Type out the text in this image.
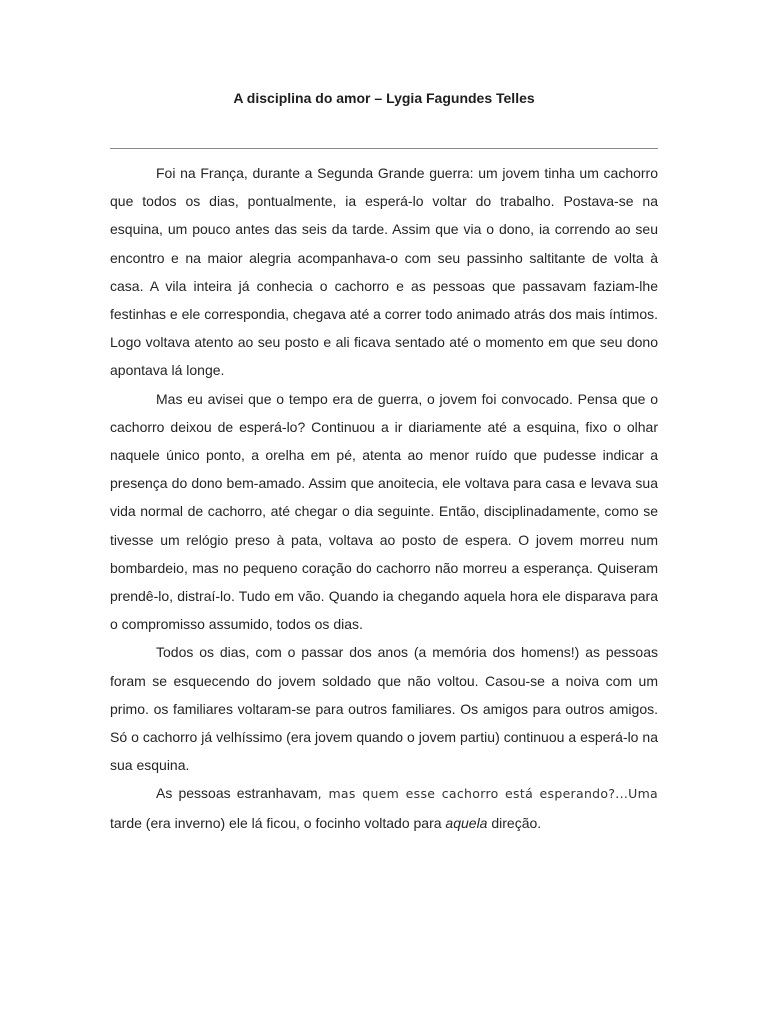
A disciplina do amor – Lygia Fagundes Telles

Foi na França, durante a Segunda Grande guerra: um jovem tinha um cachorro que todos os dias, pontualmente, ia esperá-lo voltar do trabalho. Postava-se na esquina, um pouco antes das seis da tarde. Assim que via o dono, ia correndo ao seu encontro e na maior alegria acompanhava-o com seu passinho saltitante de volta à casa. A vila inteira já conhecia o cachorro e as pessoas que passavam faziam-lhe festinhas e ele correspondia, chegava até a correr todo animado atrás dos mais íntimos. Logo voltava atento ao seu posto e ali ficava sentado até o momento em que seu dono apontava lá longe.

Mas eu avisei que o tempo era de guerra, o jovem foi convocado. Pensa que o cachorro deixou de esperá-lo? Continuou a ir diariamente até a esquina, fixo o olhar naquele único ponto, a orelha em pé, atenta ao menor ruído que pudesse indicar a presença do dono bem-amado. Assim que anoitecia, ele voltava para casa e levava sua vida normal de cachorro, até chegar o dia seguinte. Então, disciplinadamente, como se tivesse um relógio preso à pata, voltava ao posto de espera. O jovem morreu num bombardeio, mas no pequeno coração do cachorro não morreu a esperança. Quiseram prendê-lo, distraí-lo. Tudo em vão. Quando ia chegando aquela hora ele disparava para o compromisso assumido, todos os dias.

Todos os dias, com o passar dos anos (a memória dos homens!) as pessoas foram se esquecendo do jovem soldado que não voltou. Casou-se a noiva com um primo. os familiares voltaram-se para outros familiares. Os amigos para outros amigos. Só o cachorro já velhíssimo (era jovem quando o jovem partiu) continuou a esperá-lo na sua esquina.

As pessoas estranhavam, mas quem esse cachorro está esperando?...Uma tarde (era inverno) ele lá ficou, o focinho voltado para aquela direção.
